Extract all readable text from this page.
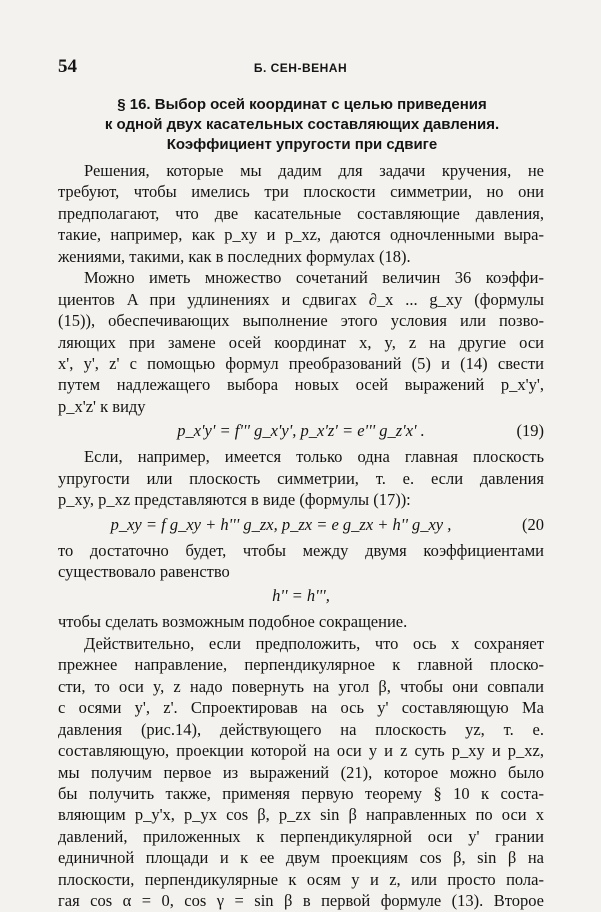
54	Б. СЕН-ВЕНАН
§ 16. Выбор осей координат с целью приведения
к одной двух касательных составляющих давления.
Коэффициент упругости при сдвиге
Решения, которые мы дадим для задачи кручения, не
требуют, чтобы имелись три плоскости симметрии, но они
предполагают, что две касательные составляющие давления,
такие, например, как p_xy и p_xz, даются одночленными выра-
жениями, такими, как в последних формулах (18).
Можно иметь множество сочетаний величин 36 коэффи-
циентов A при удлинениях и сдвигах ∂_x ... g_xy (формулы
(15)), обеспечивающих выполнение этого условия или позво-
ляющих при замене осей координат x, y, z на другие оси
x', y', z' с помощью формул преобразований (5) и (14) свести
путем надлежащего выбора новых осей выражений p_x'y',
p_x'z' к виду
p_x'y' = f''' g_x'y', p_x'z' = e''' g_z'x' .	(19)
Если, например, имеется только одна главная плоскость
упругости или плоскость симметрии, т. е. если давления
p_xy, p_xz представляются в виде (формулы (17)):
p_xy = f g_xy + h''' g_zx, p_zx = e g_zx + h'' g_xy ,	(20
то достаточно будет, чтобы между двумя коэффициентами
существовало равенство
h'' = h''',
чтобы сделать возможным подобное сокращение.
Действительно, если предположить, что ось x сохраняет
прежнее направление, перпендикулярное к главной плоско-
сти, то оси y, z надо повернуть на угол β, чтобы они совпали
с осями y', z'. Спроектировав на ось y' составляющую Ma
давления (рис.14), действующего на плоскость yz, т. е.
составляющую, проекции которой на оси y и z суть p_xy и p_xz,
мы получим первое из выражений (21), которое можно было
бы получить также, применяя первую теорему § 10 к соста-
вляющим p_y'x, p_yx cos β, p_zx sin β направленных по оси x
давлений, приложенных к перпендикулярной оси y' грании
единичной площади и к ее двум проекциям cos β, sin β на
плоскости, перпендикулярные к осям y и z, или просто пола-
гая cos α = 0, cos γ = sin β в первой формуле (13). Второе
